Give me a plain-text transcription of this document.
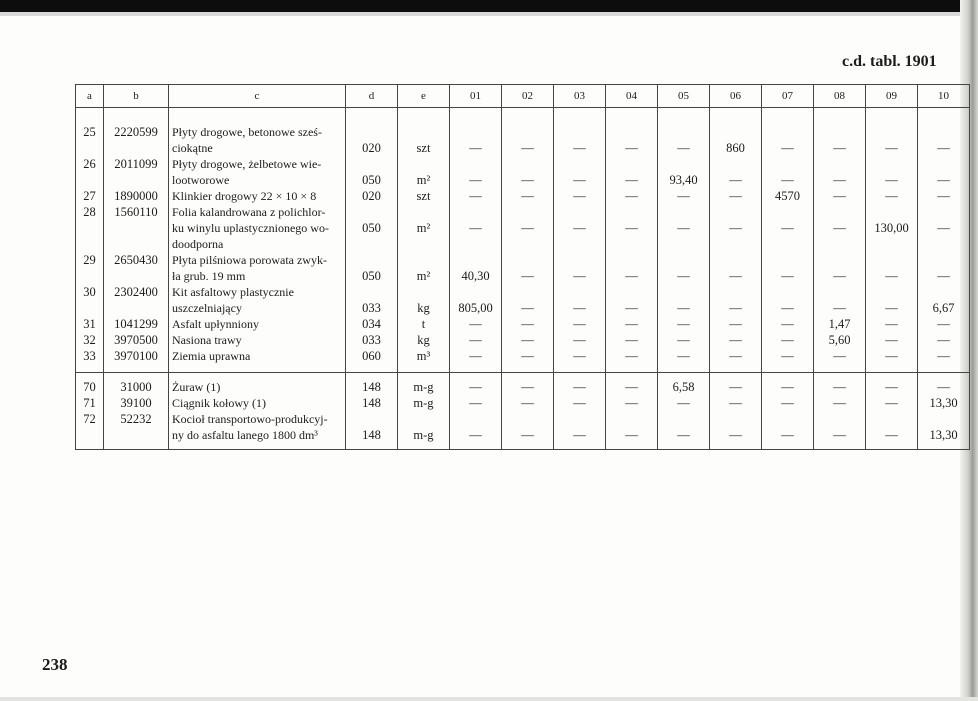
c.d. tabl. 1901
a	b	c	d	e	01	02	03	04	05	06	07	08	09	10
25	2220599	Płyty drogowe, betonowe sześ-
ciokątne	020	szt	—	—	—	—	—	860	—	—	—	—

26	2011099	Płyty drogowe, żelbetowe wie-
lootworowe	050	m²	—	—	—	—	93,40	—	—	—	—	—

27	1890000	Klinkier drogowy 22 × 10 × 8	020	szt	—	—	—	—	—	—	4570	—	—	—
28	1560110	Folia kalandrowana z polichlor-
ku winylu uplastycznionego wo-
doodporna	050	m²	—	—	—	—	—	—	—	—	130,00	—

29	2650430	Płyta pilśniowa porowata zwyk-
ła grub. 19 mm	050	m²	40,30	—	—	—	—	—	—	—	—	—

30	2302400	Kit asfaltowy plastycznie
uszczelniający	033	kg	805,00	—	—	—	—	—	—	—	—	6,67

31	1041299	Asfalt upłynniony	034	t	—	—	—	—	—	—	—	1,47	—	—
32	3970500	Nasiona trawy	033	kg	—	—	—	—	—	—	—	5,60	—	—
33	3970100	Ziemia uprawna	060	m³	—	—	—	—	—	—	—	—	—	—
70	31000	Żuraw (1)	148	m-g	—	—	—	—	6,58	—	—	—	—	—
71	39100	Ciągnik kołowy (1)	148	m-g	—	—	—	—	—	—	—	—	—	13,30
72	52232	Kocioł transportowo-produkcyj-
ny do asfaltu lanego 1800 dm³	148	m-g	—	—	—	—	—	—	—	—	—	13,30
238
